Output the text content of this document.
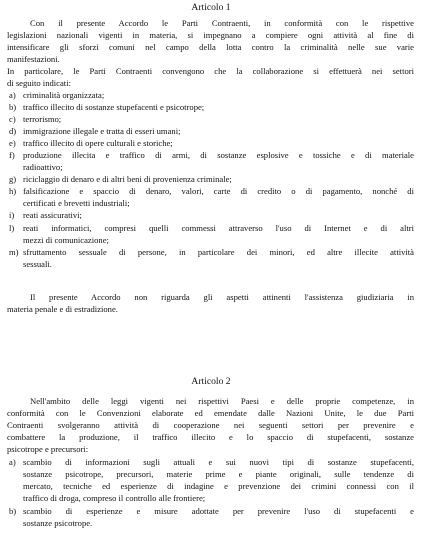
Articolo 1
Con il presente Accordo le Parti Contraenti, in conformità con le rispettive
legislazioni nazionali vigenti in materia, si impegnano a compiere ogni attività al fine di
intensificare gli sforzi comuni nel campo della lotta contro la criminalità nelle sue varie
manifestazioni.
In particolare, le Parti Contraenti convengono che la collaborazione si effettuerà nei settori
di seguito indicati:
a) criminalità organizzata;
b) traffico illecito di sostanze stupefacenti e psicotrope;
c) terrorismo;
d) immigrazione illegale e tratta di esseri umani;
e) traffico illecito di opere culturali e storiche;
f) produzione illecita e traffico di armi, di sostanze esplosive e tossiche e di materiale
radioattivo;
g) riciclaggio di denaro e di altri beni di provenienza criminale;
h) falsificazione e spaccio di denaro, valori, carte di credito o di pagamento, nonché di
certificati e brevetti industriali;
i) reati assicurativi;
l) reati informatici, compresi quelli commessi attraverso l'uso di Internet e di altri
mezzi di comunicazione;
m) sfruttamento sessuale di persone, in particolare dei minori, ed altre illecite attività
sessuali.
Il presente Accordo non riguarda gli aspetti attinenti l'assistenza giudiziaria in
materia penale e di estradizione.
Articolo 2
Nell'ambito delle leggi vigenti nei rispettivi Paesi e delle proprie competenze, in
conformità con le Convenzioni elaborate ed emendate dalle Nazioni Unite, le due Parti
Contraenti svolgeranno attività di cooperazione nei seguenti settori per prevenire e
combattere la produzione, il traffico illecito e lo spaccio di stupefacenti, sostanze
psicotrope e precursori:
a) scambio di informazioni sugli attuali e sui nuovi tipi di sostanze stupefacenti,
sostanze psicotrope, precursori, materie prime e piante originali, sulle tendenze di
mercato, tecniche ed esperienze di indagine e prevenzione dei crimini connessi con il
traffico di droga, compreso il controllo alle frontiere;
b) scambio di esperienze e misure adottate per prevenire l'uso di stupefacenti e
sostanze psicotrope.
